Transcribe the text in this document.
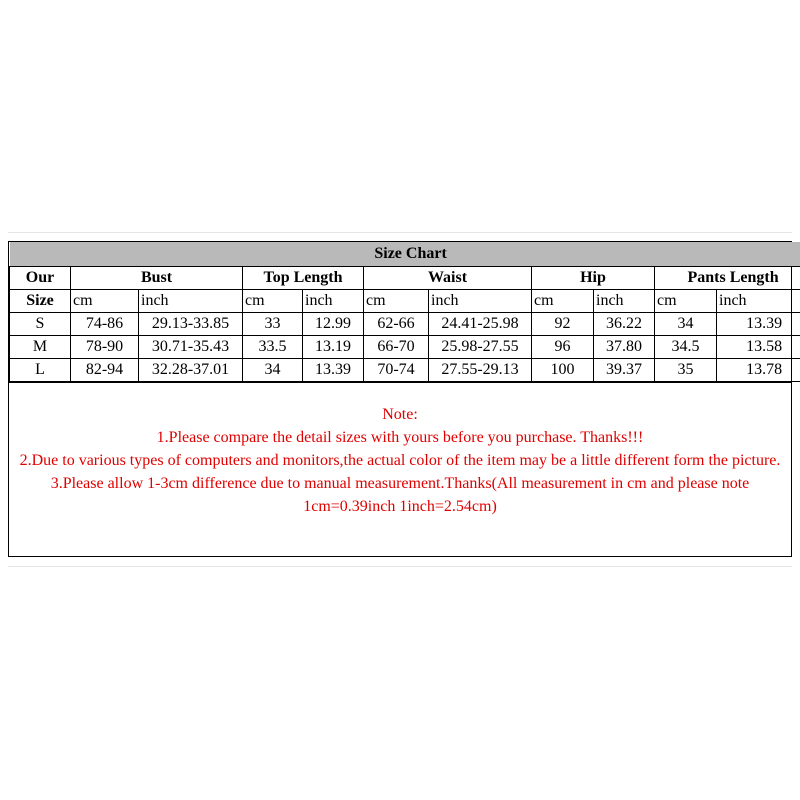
Size Chart										
Our	Bust		Top Length		Waist		Hip		Pants Length	
Size	cm	inch	cm	inch	cm	inch	cm	inch	cm	inch
S	74-86	29.13-33.85	33	12.99	62-66	24.41-25.98	92	36.22	34	13.39
M	78-90	30.71-35.43	33.5	13.19	66-70	25.98-27.55	96	37.80	34.5	13.58
L	82-94	32.28-37.01	34	13.39	70-74	27.55-29.13	100	39.37	35	13.78

Note:

1.Please compare the detail sizes with yours before you purchase. Thanks!!!

2.Due to various types of computers and monitors,the actual color of the item may be a little different form the picture.

3.Please allow 1-3cm difference due to manual measurement.Thanks(All measurement in cm and please note 1cm=0.39inch 1inch=2.54cm)
